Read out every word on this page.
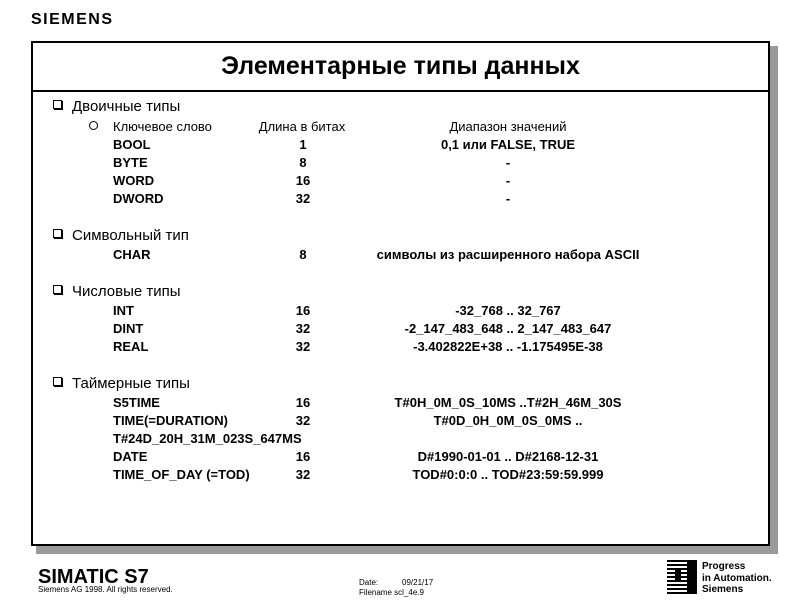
SIEMENS
Элементарные типы данных
Двоичные типы
Ключевое слово	Длина в битах	Диапазон значений
BOOL	1	0,1 или FALSE, TRUE
BYTE	8	-
WORD	16	-
DWORD	32	-
Символьный тип
CHAR	8	символы из расширенного набора ASCII
Числовые типы
INT	16	-32_768 .. 32_767
DINT	32	-2_147_483_648 .. 2_147_483_647
REAL	32	-3.402822E+38 .. -1.175495E-38
Таймерные типы
S5TIME	16	T#0H_0M_0S_10MS ..T#2H_46M_30S
TIME(=DURATION)	32	T#0D_0H_0M_0S_0MS ..
T#24D_20H_31M_023S_647MS
DATE	16	D#1990-01-01 .. D#2168-12-31
TIME_OF_DAY (=TOD)	32	TOD#0:0:0 .. TOD#23:59:59.999
SIMATIC S7
Siemens AG 1998. All rights reserved.
Date:	09/21/17
Filename scl_4e.9
Progress
in Automation.
Siemens
